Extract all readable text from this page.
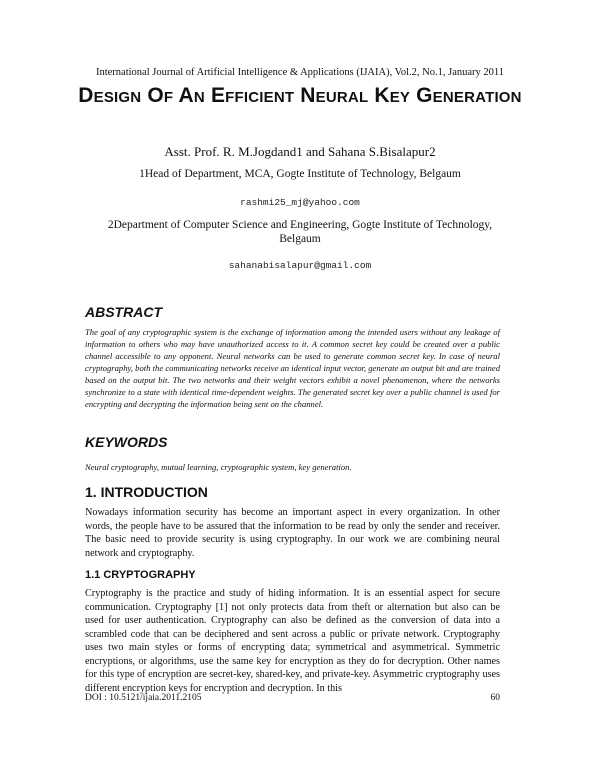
International Journal of Artificial Intelligence & Applications (IJAIA), Vol.2, No.1, January 2011
Design Of An Efficient Neural Key Generation
Asst. Prof. R. M.Jogdand1 and Sahana S.Bisalapur2
1Head of Department, MCA, Gogte Institute of Technology, Belgaum
rashmi25_mj@yahoo.com
2Department of Computer Science and Engineering, Gogte Institute of Technology, Belgaum
sahanabisalapur@gmail.com
ABSTRACT
The goal of any cryptographic system is the exchange of information among the intended users without any leakage of information to others who may have unauthorized access to it. A common secret key could be created over a public channel accessible to any opponent. Neural networks can be used to generate common secret key. In case of neural cryptography, both the communicating networks receive an identical input vector, generate an output bit and are trained based on the output bit. The two networks and their weight vectors exhibit a novel phenomenon, where the networks synchronize to a state with identical time-dependent weights. The generated secret key over a public channel is used for encrypting and decrypting the information being sent on the channel.
KEYWORDS
Neural cryptography, mutual learning, cryptographic system, key generation.
1. INTRODUCTION
Nowadays information security has become an important aspect in every organization. In other words, the people have to be assured that the information to be read by only the sender and receiver. The basic need to provide security is using cryptography. In our work we are combining neural network and cryptography.
1.1 CRYPTOGRAPHY
Cryptography is the practice and study of hiding information. It is an essential aspect for secure communication. Cryptography [1] not only protects data from theft or alternation but also can be used for user authentication. Cryptography can also be defined as the conversion of data into a scrambled code that can be deciphered and sent across a public or private network. Cryptography uses two main styles or forms of encrypting data; symmetrical and asymmetrical. Symmetric encryptions, or algorithms, use the same key for encryption as they do for decryption. Other names for this type of encryption are secret-key, shared-key, and private-key. Asymmetric cryptography uses different encryption keys for encryption and decryption. In this
DOI : 10.5121/ijaia.2011.2105	60
